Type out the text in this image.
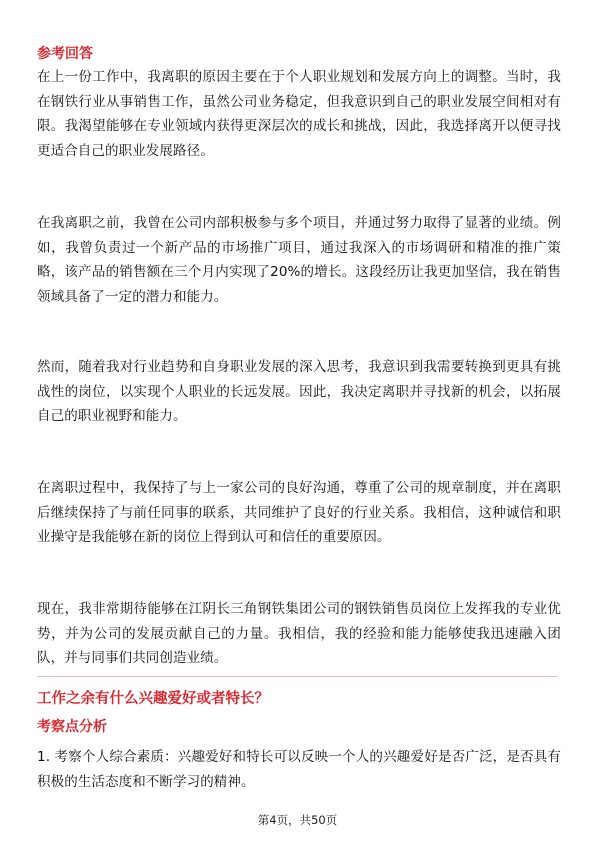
参考回答

在上一份工作中，我离职的原因主要在于个人职业规划和发展方向上的调整。当时，我在钢铁行业从事销售工作，虽然公司业务稳定，但我意识到自己的职业发展空间相对有限。我渴望能够在专业领域内获得更深层次的成长和挑战，因此，我选择离开以便寻找更适合自己的职业发展路径。

在我离职之前，我曾在公司内部积极参与多个项目，并通过努力取得了显著的业绩。例如，我曾负责过一个新产品的市场推广项目，通过我深入的市场调研和精准的推广策略，该产品的销售额在三个月内实现了20%的增长。这段经历让我更加坚信，我在销售领域具备了一定的潜力和能力。

然而，随着我对行业趋势和自身职业发展的深入思考，我意识到我需要转换到更具有挑战性的岗位，以实现个人职业的长远发展。因此，我决定离职并寻找新的机会，以拓展自己的职业视野和能力。

在离职过程中，我保持了与上一家公司的良好沟通，尊重了公司的规章制度，并在离职后继续保持了与前任同事的联系，共同维护了良好的行业关系。我相信，这种诚信和职业操守是我能够在新的岗位上得到认可和信任的重要原因。

现在，我非常期待能够在江阴长三角钢铁集团公司的钢铁销售员岗位上发挥我的专业优势，并为公司的发展贡献自己的力量。我相信，我的经验和能力能够使我迅速融入团队，并与同事们共同创造业绩。

工作之余有什么兴趣爱好或者特长？
考察点分析

1. 考察个人综合素质：兴趣爱好和特长可以反映一个人的兴趣爱好是否广泛，是否具有积极的生活态度和不断学习的精神。

第4页，共50页
